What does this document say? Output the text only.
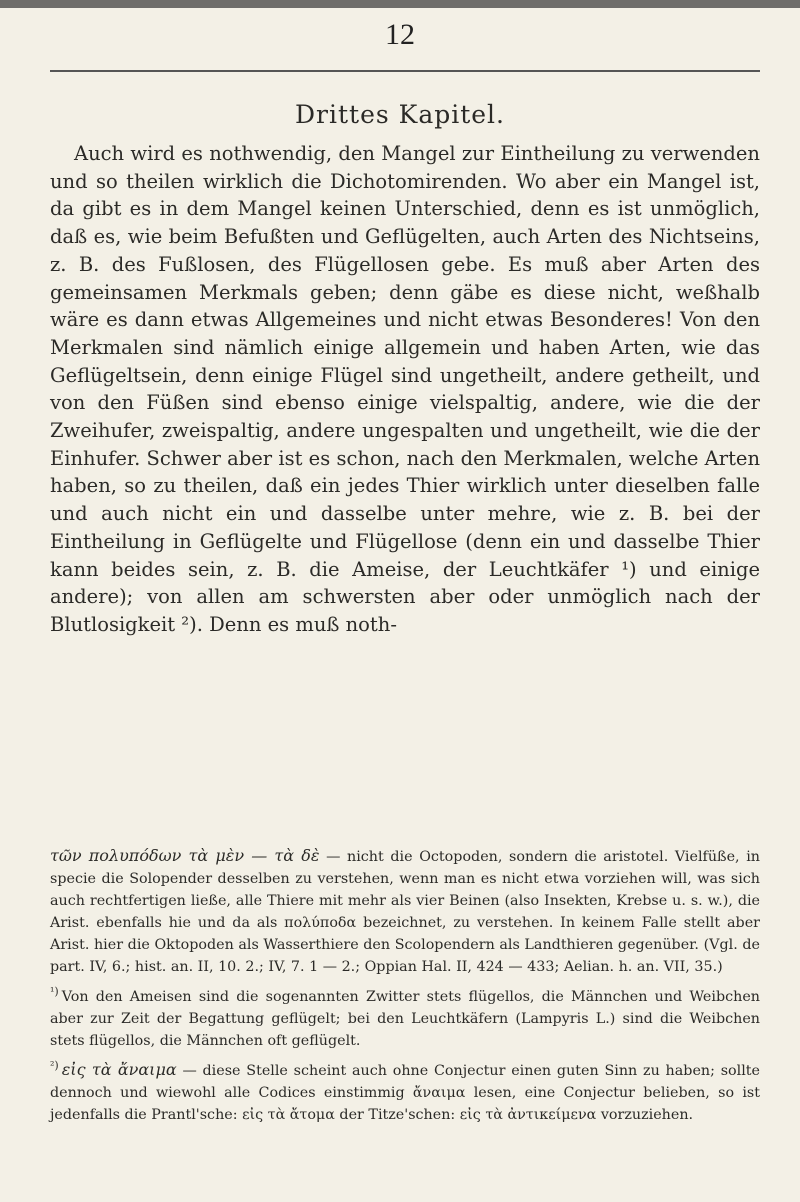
12
Drittes Kapitel.

Auch wird es nothwendig, den Mangel zur Eintheilung zu verwenden und so theilen wirklich die Dichotomirenden. Wo aber ein Mangel ist, da gibt es in dem Mangel keinen Unterschied, denn es ist unmöglich, daß es, wie beim Befußten und Geflügelten, auch Arten des Nichtseins, z. B. des Fußlosen, des Flügellosen gebe. Es muß aber Arten des gemeinsamen Merkmals geben; denn gäbe es diese nicht, weßhalb wäre es dann etwas Allgemeines und nicht etwas Besonderes! Von den Merkmalen sind nämlich einige allgemein und haben Arten, wie das Geflügeltsein, denn einige Flügel sind ungetheilt, andere getheilt, und von den Füßen sind ebenso einige vielspaltig, andere, wie die der Zweihufer, zweispaltig, andere ungespalten und ungetheilt, wie die der Einhufer. Schwer aber ist es schon, nach den Merkmalen, welche Arten haben, so zu theilen, daß ein jedes Thier wirklich unter dieselben falle und auch nicht ein und dasselbe unter mehre, wie z. B. bei der Eintheilung in Geflügelte und Flügellose (denn ein und dasselbe Thier kann beides sein, z. B. die Ameise, der Leuchtkäfer ¹) und einige andere); von allen am schwersten aber oder unmöglich nach der Blutlosigkeit ²). Denn es muß noth-

τῶν πολυπόδων τὰ μὲν — τὰ δὲ — nicht die Octopoden, sondern die aristotel. Vielfüße, in specie die Solopender desselben zu verstehen, wenn man es nicht etwa vorziehen will, was sich auch rechtfertigen ließe, alle Thiere mit mehr als vier Beinen (also Insekten, Krebse u. s. w.), die Arist. ebenfalls hie und da als πολύποδα bezeichnet, zu verstehen. In keinem Falle stellt aber Arist. hier die Oktopoden als Wasserthiere den Scolopendern als Landthieren gegenüber. (Vgl. de part. IV, 6.; hist. an. II, 10. 2.; IV, 7. 1 — 2.; Oppian Hal. II, 424 — 433; Aelian. h. an. VII, 35.)

$^{^1)}$ Von den Ameisen sind die sogenannten Zwitter stets flügellos, die Männchen und Weibchen aber zur Zeit der Begattung geflügelt; bei den Leuchtkäfern (Lampyris L.) sind die Weibchen stets flügellos, die Männchen oft geflügelt.

$^{^2)}$ εἰς τὰ ἄναιμα — diese Stelle scheint auch ohne Conjectur einen guten Sinn zu haben; sollte dennoch und wiewohl alle Codices einstimmig ἄναιμα lesen, eine Conjectur belieben, so ist jedenfalls die Prantl'sche: εἰς τὰ ἄτομα der Titze'schen: εἰς τὰ ἀντικείμενα vorzuziehen.
